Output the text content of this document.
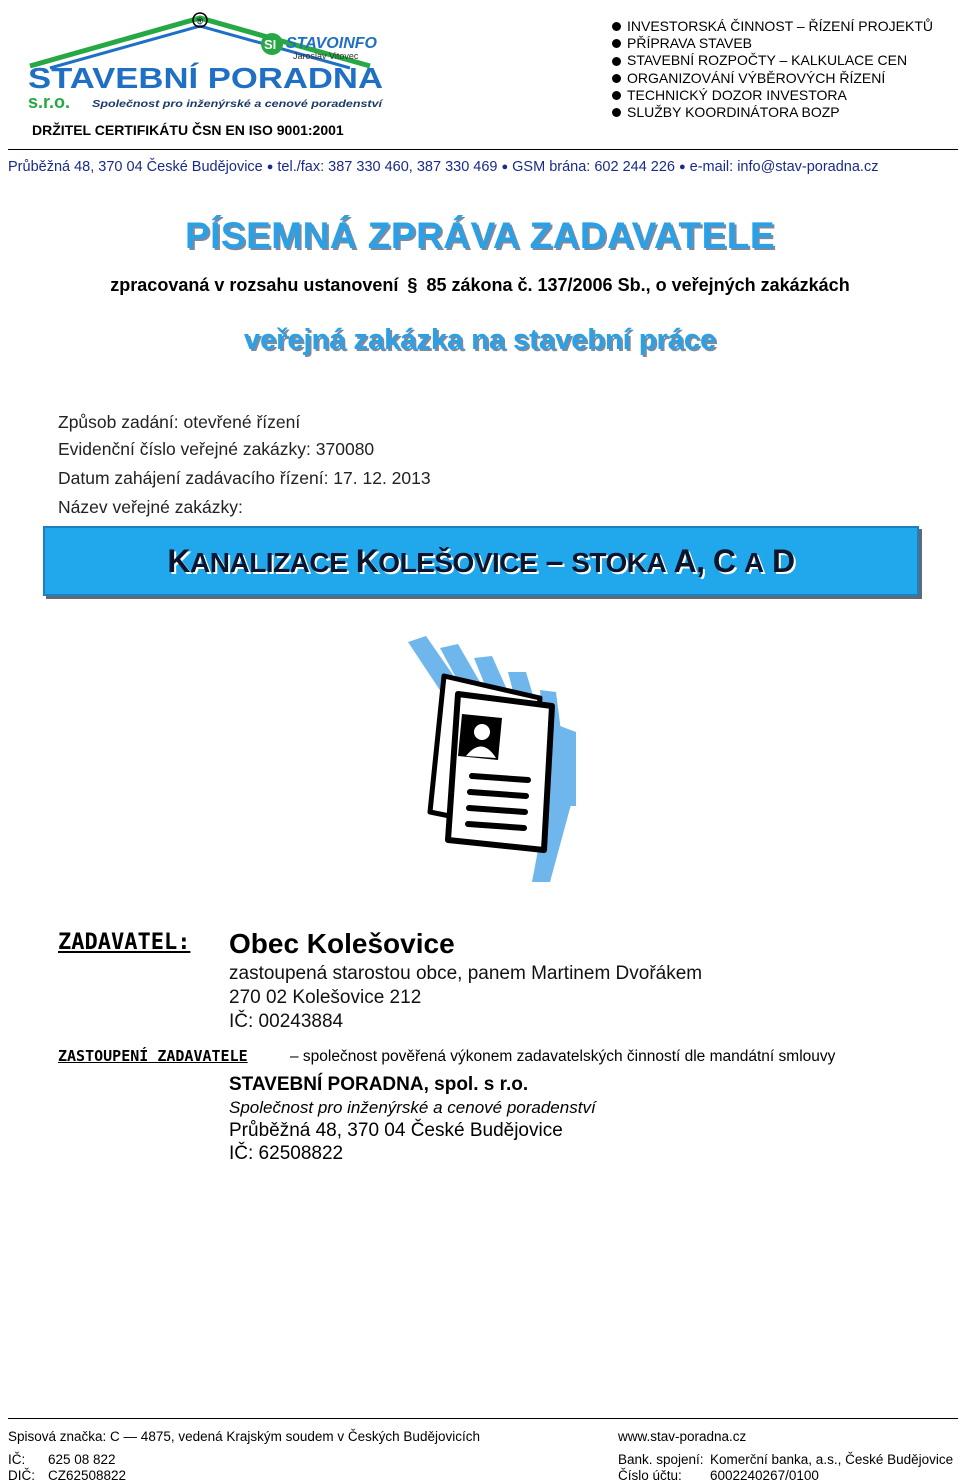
®
SI STAVOINFO
Jaroslav Vitovec
STAVEBNÍ PORADNA
s.r.o. Společnost pro inženýrské a cenové poradenství
DRŽITEL CERTIFIKÁTU ČSN EN ISO 9001:2001
INVESTORSKÁ ČINNOST – ŘÍZENÍ PROJEKTŮ
PŘÍPRAVA STAVEB
STAVEBNÍ ROZPOČTY – KALKULACE CEN
ORGANIZOVÁNÍ VÝBĚROVÝCH ŘÍZENÍ
TECHNICKÝ DOZOR INVESTORA
SLUŽBY KOORDINÁTORA BOZP
Průběžná 48, 370 04 České Budějovice ● tel./fax: 387 330 460, 387 330 469 ● GSM brána: 602 244 226 ● e-mail: info@stav-poradna.cz
PÍSEMNÁ ZPRÁVA ZADAVATELE
zpracovaná v rozsahu ustanovení § 85 zákona č. 137/2006 Sb., o veřejných zakázkách
veřejná zakázka na stavební práce
Způsob zadání: otevřené řízení
Evidenční číslo veřejné zakázky: 370080
Datum zahájení zadávacího řízení: 17. 12. 2013
Název veřejné zakázky:
KANALIZACE KOLEŠOVICE – STOKA A, C A D
ZADAVATEL: Obec Kolešovice
zastoupená starostou obce, panem Martinem Dvořákem
270 02 Kolešovice 212
IČ: 00243884
ZASTOUPENÍ ZADAVATELE	– společnost pověřená výkonem zadavatelských činností dle mandátní smlouvy
STAVEBNÍ PORADNA, spol. s r.o.
Společnost pro inženýrské a cenové poradenství
Průběžná 48, 370 04 České Budějovice
IČ: 62508822
Spisová značka: C — 4875, vedená Krajským soudem v Českých Budějovicích	www.stav-poradna.cz
IČ: 625 08 822
DIČ: CZ62508822
Bank. spojení: Komerční banka, a.s., České Budějovice
Číslo účtu: 6002240267/0100
